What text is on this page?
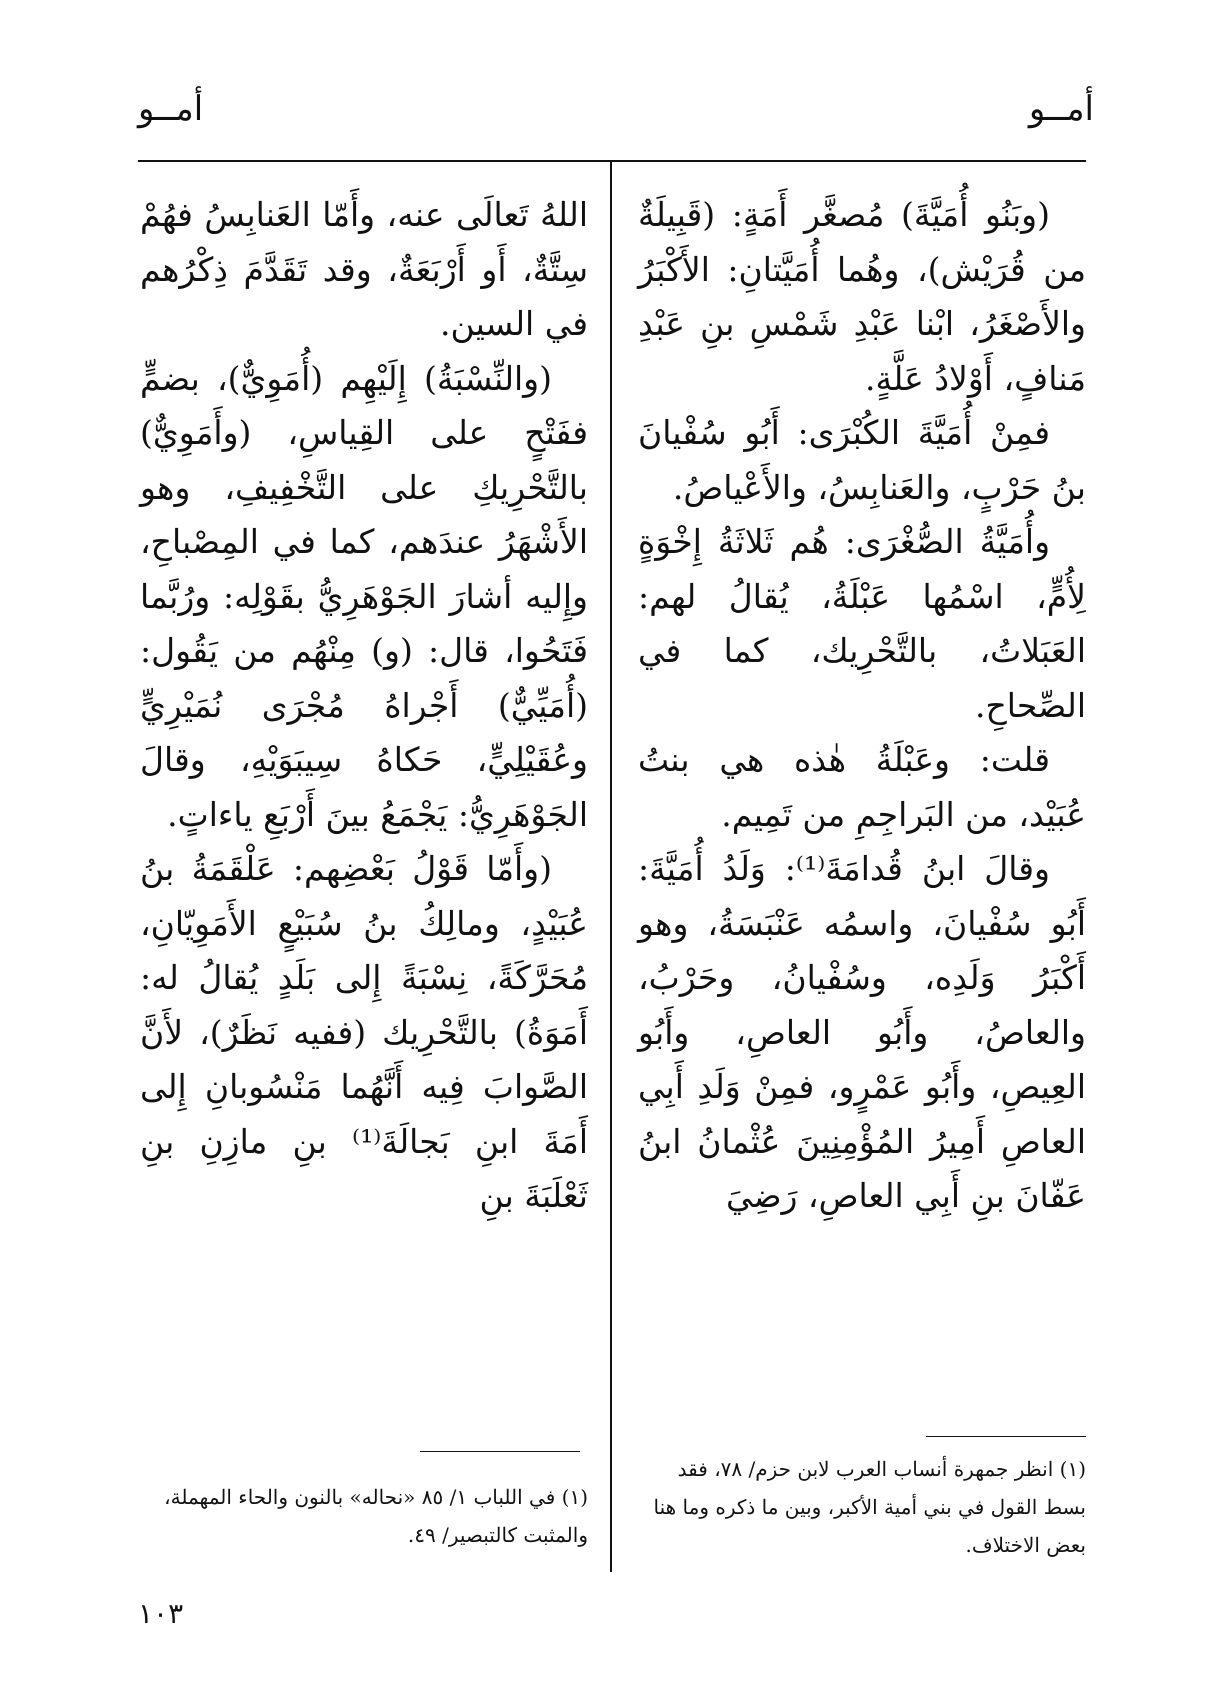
أمــو
أمــو

(وبَنُو أُمَيَّةَ) مُصغَّر أَمَةٍ: (قَبِيلَةٌ من قُرَيْش)، وهُما أُمَيَّتانِ: الأَكْبَرُ والأَصْغَرُ، ابْنا عَبْدِ شَمْسِ بنِ عَبْدِ مَنافٍ، أَوْلادُ عَلَّةٍ.

فمِنْ أُمَيَّةَ الكُبْرَى: أَبُو سُفْيانَ بنُ حَرْبٍ، والعَنابِسُ، والأَعْياصُ.

وأُمَيَّةُ الصُّغْرَى: هُم ثَلاثَةُ إِخْوَةٍ لِأُمٍّ، اسْمُها عَبْلَةُ، يُقالُ لهم: العَبَلاتُ، بالتَّحْرِيك، كما في الصِّحاحِ.

قلت: وعَبْلَةُ هٰذه هي بنتُ عُبَيْد، من البَراجِمِ من تَمِيم.

وقالَ ابنُ قُدامَةَ⁽¹⁾: وَلَدُ أُمَيَّةَ: أَبُو سُفْيانَ، واسمُه عَنْبَسَةُ، وهو أَكْبَرُ وَلَدِه، وسُفْيانُ، وحَرْبُ، والعاصُ، وأَبُو العاصِ، وأَبُو العِيصِ، وأَبُو عَمْرٍو، فمِنْ وَلَدِ أَبِي العاصِ أَمِيرُ المُؤْمِنِينَ عُثْمانُ ابنُ عَفّانَ بنِ أَبِي العاصِ، رَضِيَ

اللهُ تَعالَى عنه، وأَمّا العَنابِسُ فهُمْ سِتَّةٌ، أَو أَرْبَعَةٌ، وقد تَقَدَّمَ ذِكْرُهم في السين.

(والنِّسْبَةُ) إِلَيْهِم (أُمَوِيٌّ)، بضمٍّ ففَتْحٍ على القِياسِ، (وأَمَوِيٌّ) بالتَّحْرِيكِ على التَّخْفِيفِ، وهو الأَشْهَرُ عندَهم، كما في المِصْباحِ، وإِليه أشارَ الجَوْهَرِيُّ بقَوْلِه: ورُبَّما فَتَحُوا، قال: (و) مِنْهُم من يَقُول: (أُمَيِّيٌّ) أَجْراهُ مُجْرَى نُمَيْرِيٍّ وعُقَيْلِيٍّ، حَكاهُ سِيبَوَيْهِ، وقالَ الجَوْهَرِيُّ: يَجْمَعُ بينَ أَرْبَعِ ياءاتٍ.

(وأَمّا قَوْلُ بَعْضِهم: عَلْقَمَةُ بنُ عُبَيْدٍ، ومالِكُ بنُ سُبَيْعٍ الأَمَوِيّانِ، مُحَرَّكَةً، نِسْبَةً إِلى بَلَدٍ يُقالُ له: أَمَوَةُ) بالتَّحْرِيك (ففيه نَظَرٌ)، لأَنَّ الصَّوابَ فِيه أَنَّهُما مَنْسُوبانِ إِلى أَمَةَ ابنِ بَجالَةَ⁽¹⁾ بنِ مازِنِ بنِ ثَعْلَبَةَ بنِ

(١) انظر جمهرة أنساب العرب لابن حزم/ ٧٨، فقد بسط القول في بني أمية الأكبر، وبين ما ذكره وما هنا بعض الاختلاف.
(١) في اللباب ١/ ٨٥ «نحاله» بالنون والحاء المهملة، والمثبت كالتبصير/ ٤٩.
١٠٣
